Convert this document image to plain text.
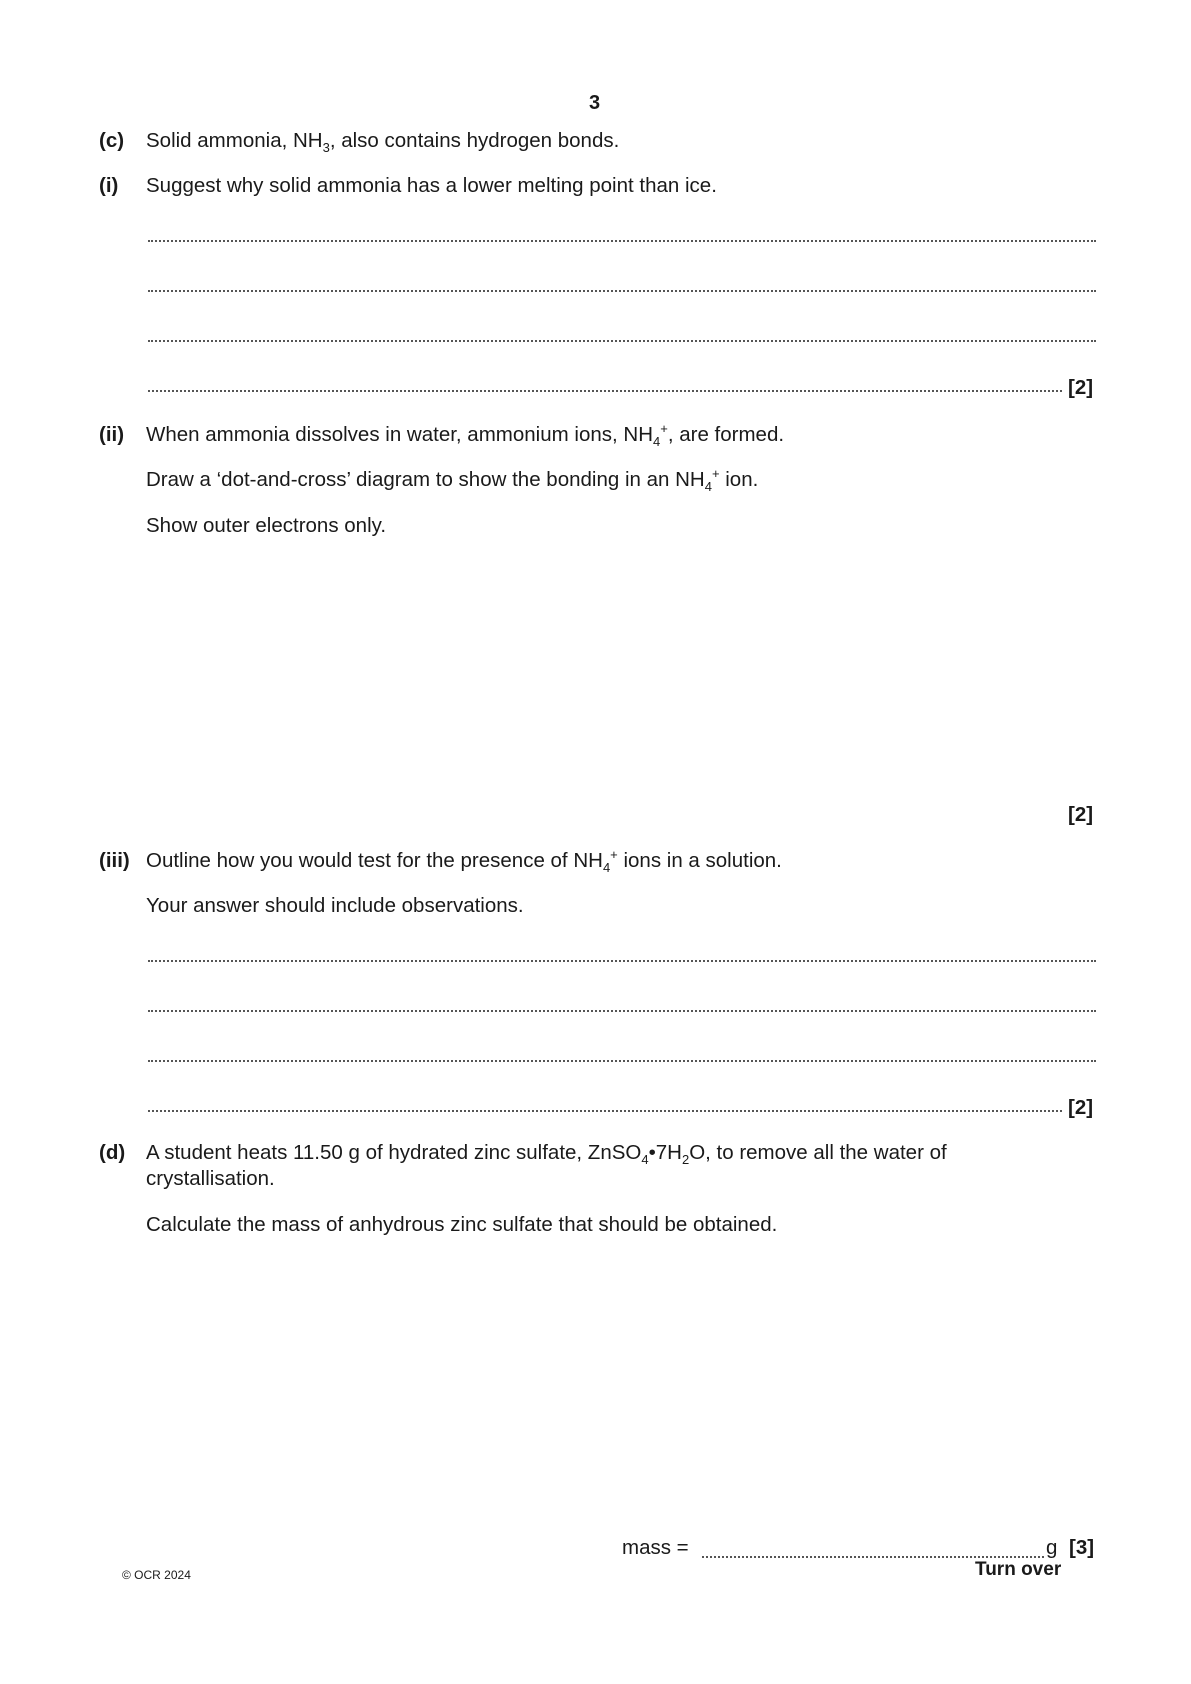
3
(c) Solid ammonia, $NH_3$, also contains hydrogen bonds.
(i) Suggest why solid ammonia has a lower melting point than ice.
[2]
(ii) When ammonia dissolves in water, ammonium ions, $NH_4^+$, are formed.
Draw a ‘dot-and-cross’ diagram to show the bonding in an $NH_4^+$ ion.
Show outer electrons only.
[2]
(iii) Outline how you would test for the presence of $NH_4^+$ ions in a solution.
Your answer should include observations.
[2]
(d) A student heats 11.50 g of hydrated zinc sulfate, $ZnSO_4•7H_2O$, to remove all the water of
crystallisation.
Calculate the mass of anhydrous zinc sulfate that should be obtained.
mass =	g [3]
© OCR 2024	Turn over
